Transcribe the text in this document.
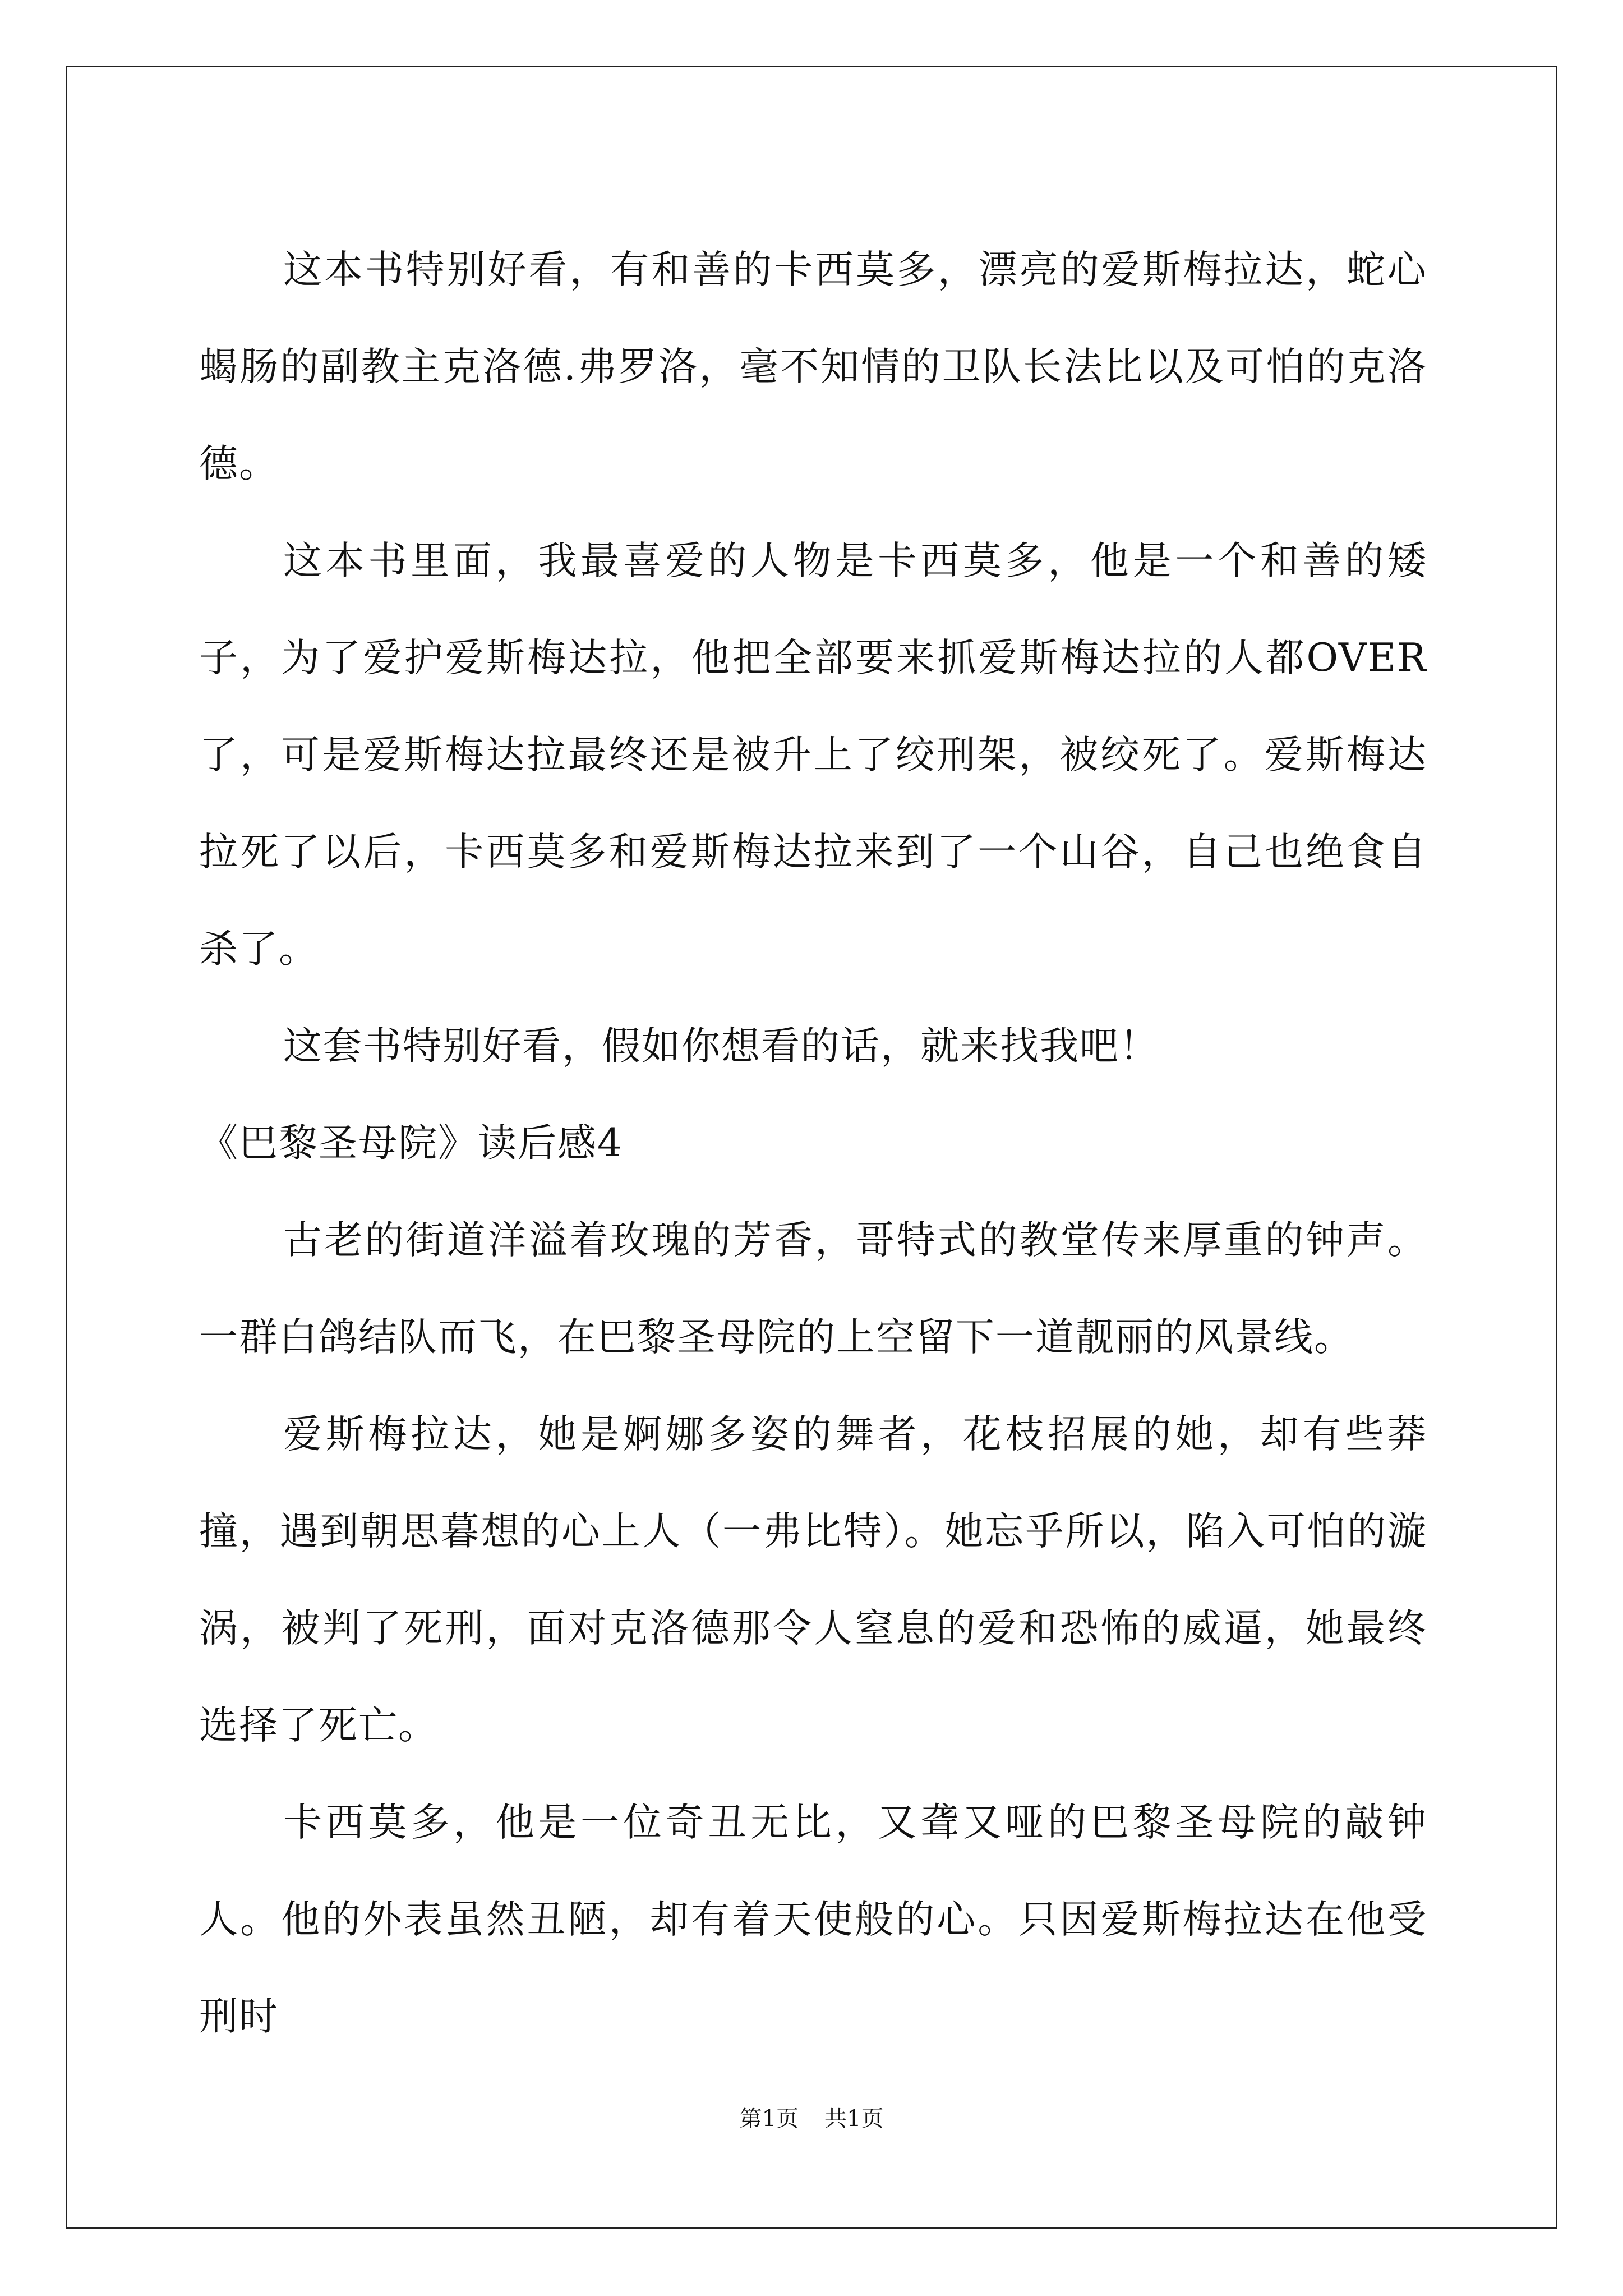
这本书特别好看，有和善的卡西莫多，漂亮的爱斯梅拉达，蛇心蝎肠的副教主克洛德.弗罗洛，毫不知情的卫队长法比以及可怕的克洛德。

这本书里面，我最喜爱的人物是卡西莫多，他是一个和善的矮子，为了爱护爱斯梅达拉，他把全部要来抓爱斯梅达拉的人都OVER了，可是爱斯梅达拉最终还是被升上了绞刑架，被绞死了。爱斯梅达拉死了以后，卡西莫多和爱斯梅达拉来到了一个山谷，自己也绝食自杀了。

这套书特别好看，假如你想看的话，就来找我吧！

《巴黎圣母院》读后感4

古老的街道洋溢着玫瑰的芳香，哥特式的教堂传来厚重的钟声。一群白鸽结队而飞，在巴黎圣母院的上空留下一道靓丽的风景线。

爱斯梅拉达，她是婀娜多姿的舞者，花枝招展的她，却有些莽撞，遇到朝思暮想的心上人（一弗比特）。她忘乎所以，陷入可怕的漩涡，被判了死刑，面对克洛德那令人窒息的爱和恐怖的威逼，她最终选择了死亡。

卡西莫多，他是一位奇丑无比，又聋又哑的巴黎圣母院的敲钟人。他的外表虽然丑陋，却有着天使般的心。只因爱斯梅拉达在他受刑时

第1页 共1页
